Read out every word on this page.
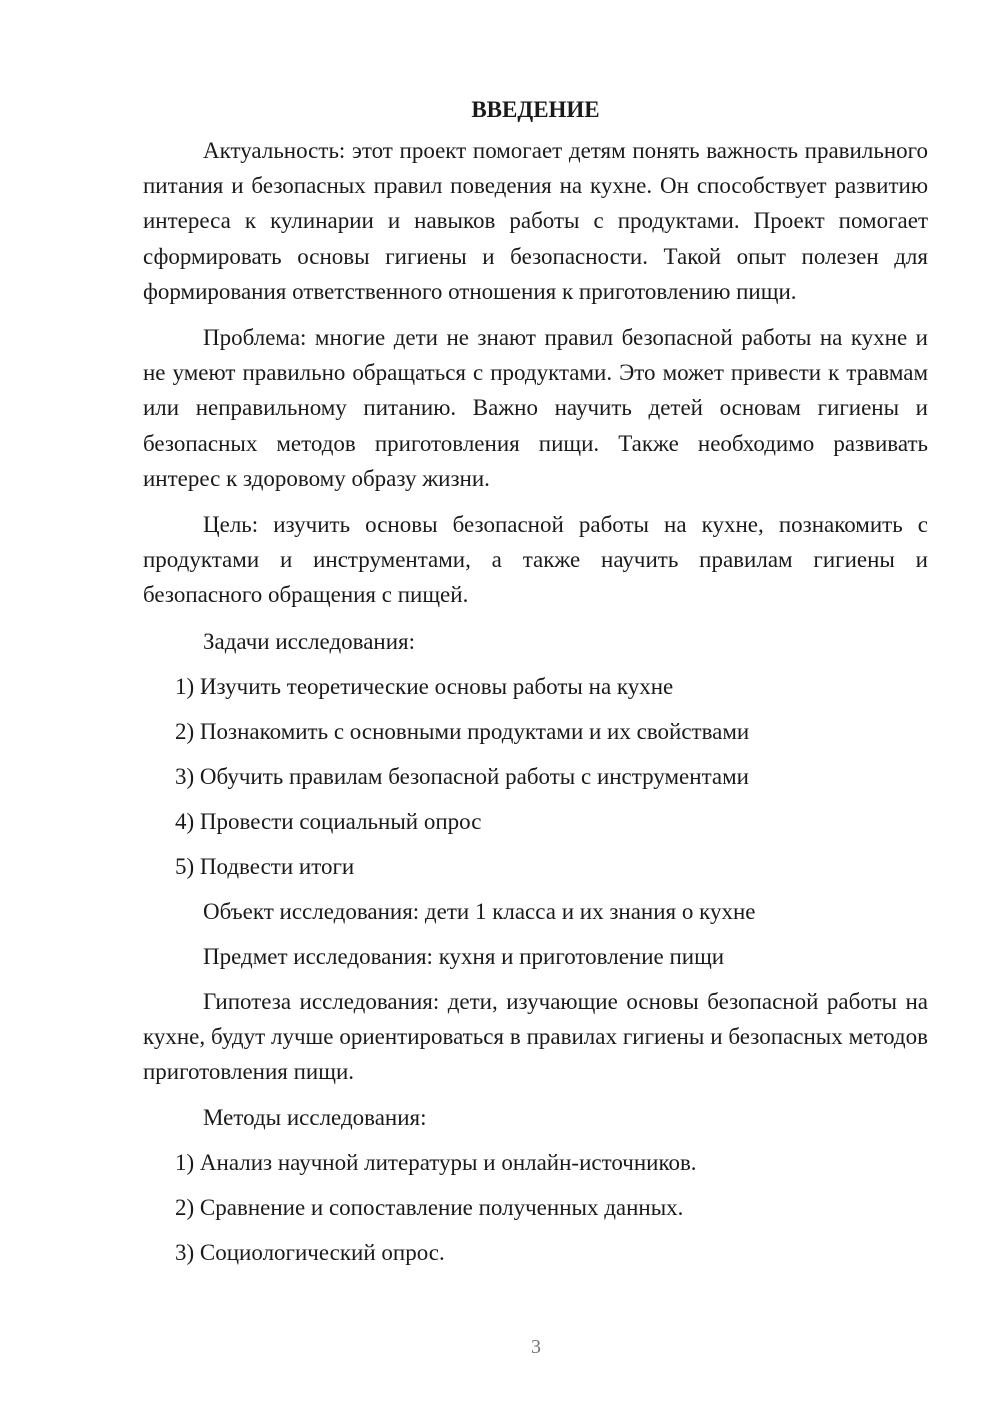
ВВЕДЕНИЕ

Актуальность: этот проект помогает детям понять важность правильного питания и безопасных правил поведения на кухне. Он способствует развитию интереса к кулинарии и навыков работы с продуктами. Проект помогает сформировать основы гигиены и безопасности. Такой опыт полезен для формирования ответственного отношения к приготовлению пищи.

Проблема: многие дети не знают правил безопасной работы на кухне и не умеют правильно обращаться с продуктами. Это может привести к травмам или неправильному питанию. Важно научить детей основам гигиены и безопасных методов приготовления пищи. Также необходимо развивать интерес к здоровому образу жизни.

Цель: изучить основы безопасной работы на кухне, познакомить с продуктами и инструментами, а также научить правилам гигиены и безопасного обращения с пищей.

Задачи исследования:
1) Изучить теоретические основы работы на кухне
2) Познакомить с основными продуктами и их свойствами
3) Обучить правилам безопасной работы с инструментами
4) Провести социальный опрос
5) Подвести итоги
Объект исследования: дети 1 класса и их знания о кухне
Предмет исследования: кухня и приготовление пищи

Гипотеза исследования: дети, изучающие основы безопасной работы на кухне, будут лучше ориентироваться в правилах гигиены и безопасных методов приготовления пищи.

Методы исследования:
1) Анализ научной литературы и онлайн-источников.
2) Сравнение и сопоставление полученных данных.
3) Социологический опрос.
3
